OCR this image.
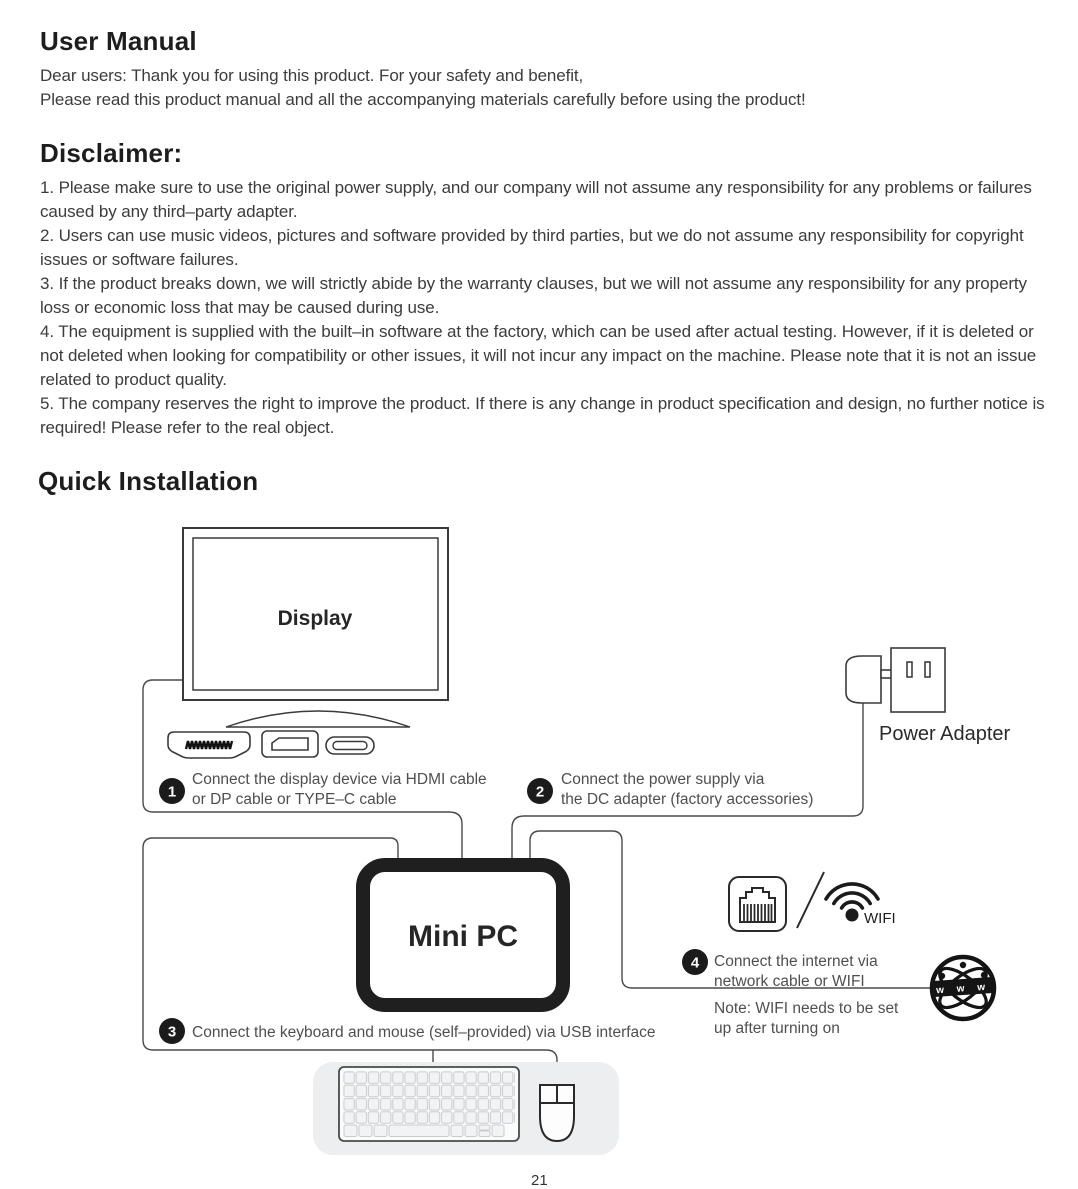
User Manual

Dear users: Thank you for using this product. For your safety and benefit,

Please read this product manual and all the accompanying materials carefully before using the product!

Disclaimer:

1. Please make sure to use the original power supply, and our company will not assume any responsibility for any problems or failures caused by any third–party adapter.

2. Users can use music videos, pictures and software provided by third parties, but we do not assume any responsibility for copyright issues or software failures.

3. If the product breaks down, we will strictly abide by the warranty clauses, but we will not assume any responsibility for any property loss or economic loss that may be caused during use.

4. The equipment is supplied with the built–in software at the factory, which can be used after actual testing. However, if it is deleted or not deleted when looking for compatibility or other issues, it will not incur any impact on the machine. Please note that it is not an issue related to product quality.

5. The company reserves the right to improve the product. If there is any change in product specification and design, no further notice is required! Please refer to the real object.

Quick Installation
Display
Power Adapter
1
Connect the display device via HDMI cable
or DP cable or TYPE–C cable	2
Connect the power supply via
the DC adapter (factory accessories)
Mini PC
WIFI
4 Connect the internet via
network cable or WIFI
Note: WIFI needs to be set
up after turning on
w w w
3 Connect the keyboard and mouse (self–provided) via USB interface
21
